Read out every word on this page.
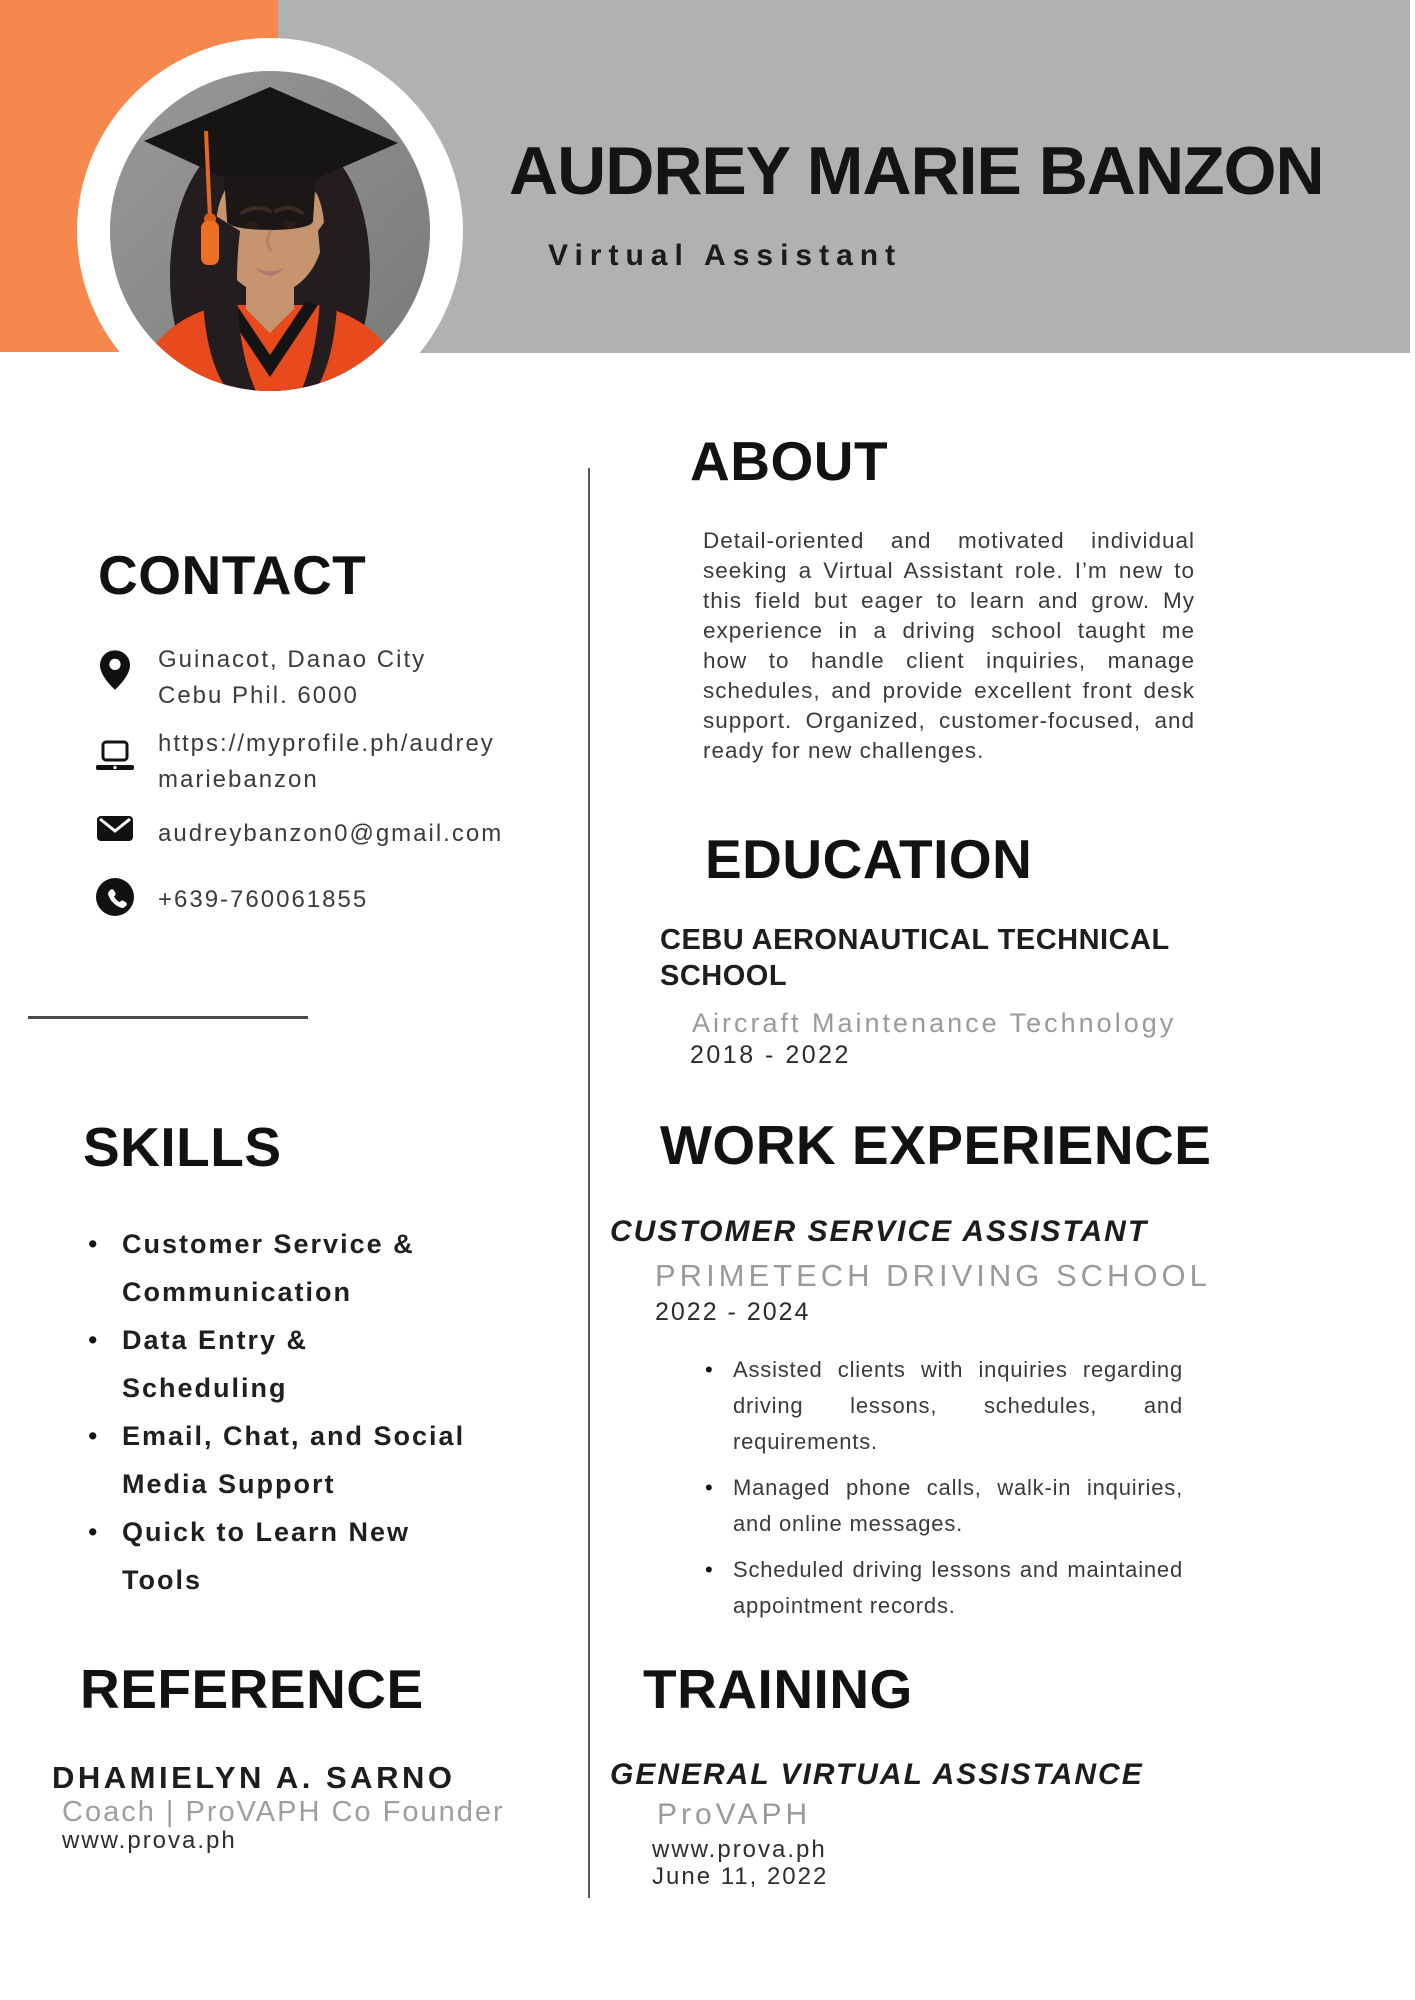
AUDREY MARIE BANZON
Virtual Assistant
CONTACT
Guinacot, Danao City
Cebu Phil. 6000
https://myprofile.ph/audrey
mariebanzon
audreybanzon0@gmail.com
+639-760061855
SKILLS
• Customer Service &
Communication
• Data Entry &
Scheduling
• Email, Chat, and Social
Media Support
• Quick to Learn New
Tools
REFERENCE
DHAMIELYN A. SARNO
Coach | ProVAPH Co Founder
www.prova.ph
ABOUT
Detail-oriented and motivated individual seeking a Virtual Assistant role. I’m new to this field but eager to learn and grow. My experience in a driving school taught me how to handle client inquiries, manage schedules, and provide excellent front desk support. Organized, customer-focused, and ready for new challenges.
EDUCATION
CEBU AERONAUTICAL TECHNICAL SCHOOL
Aircraft Maintenance Technology
2018 - 2022
WORK EXPERIENCE
CUSTOMER SERVICE ASSISTANT
PRIMETECH DRIVING SCHOOL
2022 - 2024
• Assisted clients with inquiries regarding driving lessons, schedules, and requirements.
• Managed phone calls, walk-in inquiries, and online messages.
• Scheduled driving lessons and maintained appointment records.
TRAINING
GENERAL VIRTUAL ASSISTANCE
ProVAPH
www.prova.ph
June 11, 2022
